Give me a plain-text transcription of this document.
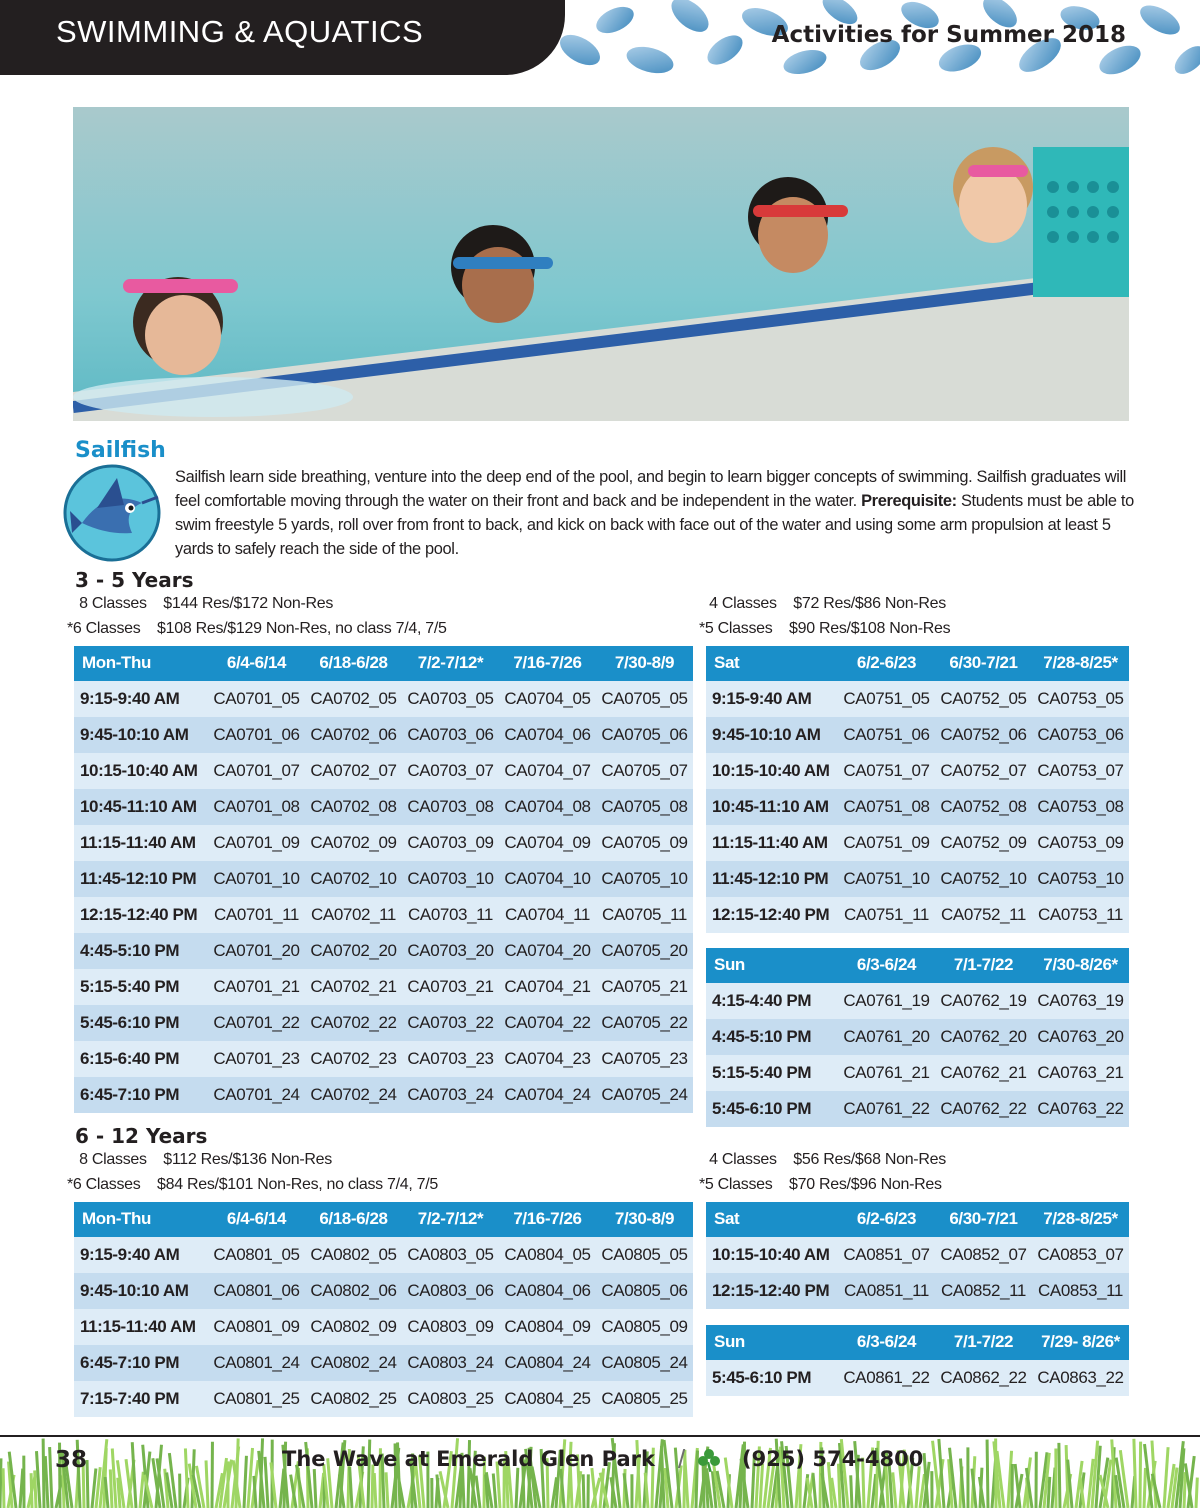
SWIMMING & AQUATICS	Activities for Summer 2018
Sailfish
Sailfish learn side breathing, venture into the deep end of the pool, and begin to learn bigger concepts of swimming. Sailfish graduates will feel comfortable moving through the water on their front and back and be independent in the water. Prerequisite: Students must be able to swim freestyle 5 yards, roll over from front to back, and kick on back with face out of the water and using some arm propulsion at least 5 yards to safely reach the side of the pool.
3 - 5 Years
8 Classes    $144 Res/$172 Non-Res
*6 Classes    $108 Res/$129 Non-Res, no class 7/4, 7/5
4 Classes    $72 Res/$86 Non-Res
*5 Classes    $90 Res/$108 Non-Res
Mon-Thu	6/4-6/14	6/18-6/28	7/2-7/12*	7/16-7/26	7/30-8/9
9:15-9:40 AM	CA0701_05	CA0702_05	CA0703_05	CA0704_05	CA0705_05
9:45-10:10 AM	CA0701_06	CA0702_06	CA0703_06	CA0704_06	CA0705_06
10:15-10:40 AM	CA0701_07	CA0702_07	CA0703_07	CA0704_07	CA0705_07
10:45-11:10 AM	CA0701_08	CA0702_08	CA0703_08	CA0704_08	CA0705_08
11:15-11:40 AM	CA0701_09	CA0702_09	CA0703_09	CA0704_09	CA0705_09
11:45-12:10 PM	CA0701_10	CA0702_10	CA0703_10	CA0704_10	CA0705_10
12:15-12:40 PM	CA0701_11	CA0702_11	CA0703_11	CA0704_11	CA0705_11
4:45-5:10 PM	CA0701_20	CA0702_20	CA0703_20	CA0704_20	CA0705_20
5:15-5:40 PM	CA0701_21	CA0702_21	CA0703_21	CA0704_21	CA0705_21
5:45-6:10 PM	CA0701_22	CA0702_22	CA0703_22	CA0704_22	CA0705_22
6:15-6:40 PM	CA0701_23	CA0702_23	CA0703_23	CA0704_23	CA0705_23
6:45-7:10 PM	CA0701_24	CA0702_24	CA0703_24	CA0704_24	CA0705_24
Sat	6/2-6/23	6/30-7/21	7/28-8/25*
9:15-9:40 AM	CA0751_05	CA0752_05	CA0753_05
9:45-10:10 AM	CA0751_06	CA0752_06	CA0753_06
10:15-10:40 AM	CA0751_07	CA0752_07	CA0753_07
10:45-11:10 AM	CA0751_08	CA0752_08	CA0753_08
11:15-11:40 AM	CA0751_09	CA0752_09	CA0753_09
11:45-12:10 PM	CA0751_10	CA0752_10	CA0753_10
12:15-12:40 PM	CA0751_11	CA0752_11	CA0753_11
Sun	6/3-6/24	7/1-7/22	7/30-8/26*
4:15-4:40 PM	CA0761_19	CA0762_19	CA0763_19
4:45-5:10 PM	CA0761_20	CA0762_20	CA0763_20
5:15-5:40 PM	CA0761_21	CA0762_21	CA0763_21
5:45-6:10 PM	CA0761_22	CA0762_22	CA0763_22
6 - 12 Years
8 Classes    $112 Res/$136 Non-Res
*6 Classes    $84 Res/$101 Non-Res, no class 7/4, 7/5
4 Classes    $56 Res/$68 Non-Res
*5 Classes    $70 Res/$96 Non-Res
Mon-Thu	6/4-6/14	6/18-6/28	7/2-7/12*	7/16-7/26	7/30-8/9
9:15-9:40 AM	CA0801_05	CA0802_05	CA0803_05	CA0804_05	CA0805_05
9:45-10:10 AM	CA0801_06	CA0802_06	CA0803_06	CA0804_06	CA0805_06
11:15-11:40 AM	CA0801_09	CA0802_09	CA0803_09	CA0804_09	CA0805_09
6:45-7:10 PM	CA0801_24	CA0802_24	CA0803_24	CA0804_24	CA0805_24
7:15-7:40 PM	CA0801_25	CA0802_25	CA0803_25	CA0804_25	CA0805_25
Sat	6/2-6/23	6/30-7/21	7/28-8/25*
10:15-10:40 AM	CA0851_07	CA0852_07	CA0853_07
12:15-12:40 PM	CA0851_11	CA0852_11	CA0853_11
Sun	6/3-6/24	7/1-7/22	7/29- 8/26*
5:45-6:10 PM	CA0861_22	CA0862_22	CA0863_22
38	The Wave at Emerald Glen Park /	(925) 574-4800
